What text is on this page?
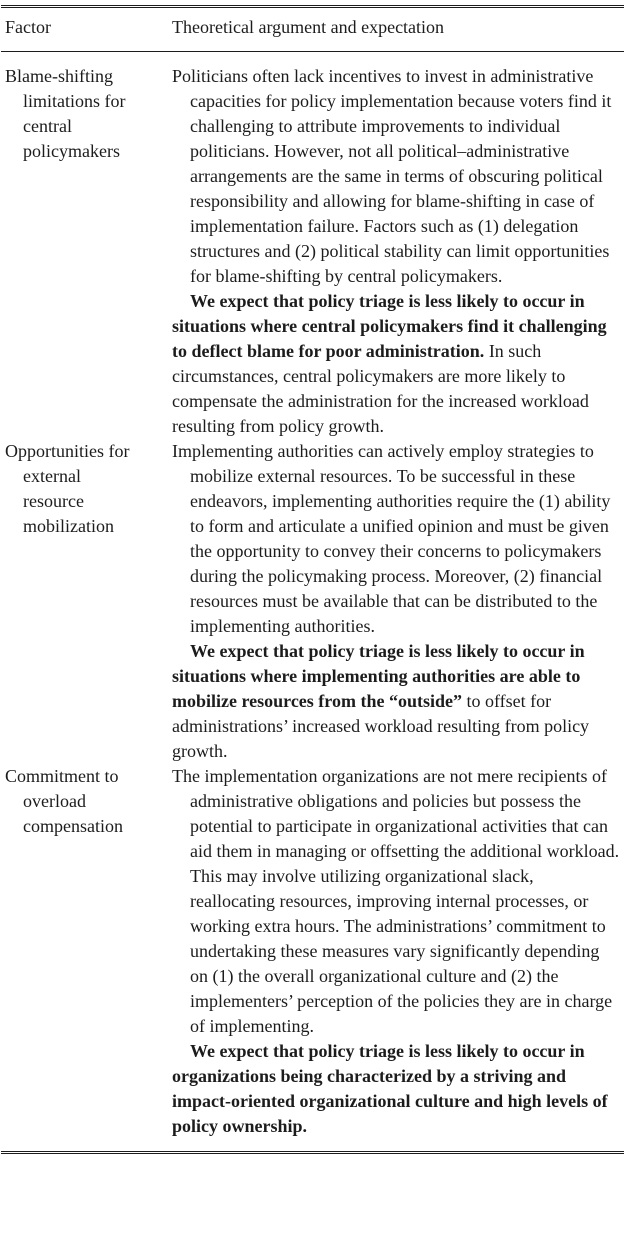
Factor	Theoretical argument and expectation

Blame-shifting limitations for central policymakers

Politicians often lack incentives to invest in administrative capacities for policy implementation because voters find it challenging to attribute improvements to individual politicians. However, not all political–administrative arrangements are the same in terms of obscuring political responsibility and allowing for blame-shifting in case of implementation failure. Factors such as (1) delegation structures and (2) political stability can limit opportunities for blame-shifting by central policymakers.

We expect that policy triage is less likely to occur in situations where central policymakers find it challenging to deflect blame for poor administration. In such circumstances, central policymakers are more likely to compensate the administration for the increased workload resulting from policy growth.

Opportunities for external resource mobilization

Implementing authorities can actively employ strategies to mobilize external resources. To be successful in these endeavors, implementing authorities require the (1) ability to form and articulate a unified opinion and must be given the opportunity to convey their concerns to policymakers during the policymaking process. Moreover, (2) financial resources must be available that can be distributed to the implementing authorities.

We expect that policy triage is less likely to occur in situations where implementing authorities are able to mobilize resources from the “outside” to offset for administrations’ increased workload resulting from policy growth.

Commitment to overload compensation

The implementation organizations are not mere recipients of administrative obligations and policies but possess the potential to participate in organizational activities that can aid them in managing or offsetting the additional workload. This may involve utilizing organizational slack, reallocating resources, improving internal processes, or working extra hours. The administrations’ commitment to undertaking these measures vary significantly depending on (1) the overall organizational culture and (2) the implementers’ perception of the policies they are in charge of implementing.

We expect that policy triage is less likely to occur in organizations being characterized by a striving and impact-oriented organizational culture and high levels of policy ownership.
